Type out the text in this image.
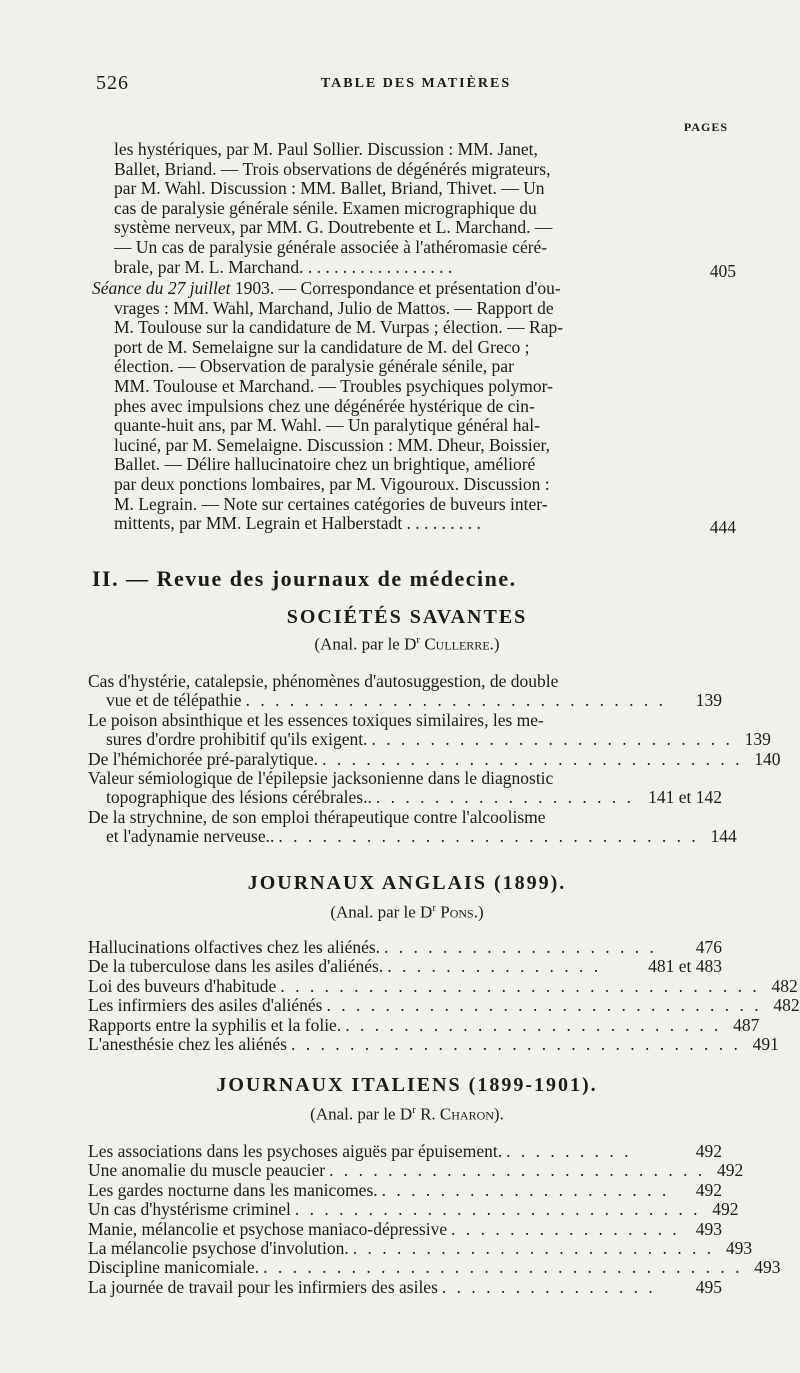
526	TABLE DES MATIÈRES
PAGES
les hystériques, par M. Paul Sollier. Discussion : MM. Janet,
Ballet, Briand. — Trois observations de dégénérés migrateurs,
par M. Wahl. Discussion : MM. Ballet, Briand, Thivet. — Un
cas de paralysie générale sénile. Examen micrographique du
système nerveux, par MM. G. Doutrebente et L. Marchand. —
— Un cas de paralysie générale associée à l'athéromasie céré-
brale, par M. L. Marchand. . . . . . . . . . . . . . . . . .	405
Séance du 27 juillet 1903. — Correspondance et présentation d'ou-
vrages : MM. Wahl, Marchand, Julio de Mattos. — Rapport de
M. Toulouse sur la candidature de M. Vurpas ; élection. — Rap-
port de M. Semelaigne sur la candidature de M. del Greco ;
élection. — Observation de paralysie générale sénile, par
MM. Toulouse et Marchand. — Troubles psychiques polymor-
phes avec impulsions chez une dégénérée hystérique de cin-
quante-huit ans, par M. Wahl. — Un paralytique général hal-
luciné, par M. Semelaigne. Discussion : MM. Dheur, Boissier,
Ballet. — Délire hallucinatoire chez un brightique, amélioré
par deux ponctions lombaires, par M. Vigouroux. Discussion :
M. Legrain. — Note sur certaines catégories de buveurs inter-
mittents, par MM. Legrain et Halberstadt . . . . . . . . .	444
II. — Revue des journaux de médecine.
SOCIÉTÉS SAVANTES
(Anal. par le $D^r$ Cullerre.)
Cas d'hystérie, catalepsie, phénomènes d'autosuggestion, de double
vue et de télépathie . . . . . . . . . . . . . . . . . . . . . . . . . . . . .	139
Le poison absinthique et les essences toxiques similaires, les me-
sures d'ordre prohibitif qu'ils exigent. . . . . . . . . . . . . . . . . . . . . . . . . . 139
De l'hémichorée pré-paralytique. . . . . . . . . . . . . . . . . . . . . . . . . . . . . . 140
Valeur sémiologique de l'épilepsie jacksonienne dans le diagnostic
topographique des lésions cérébrales.. . . . . . . . . . . . . . . . . . . 141 et 142
De la strychnine, de son emploi thérapeutique contre l'alcoolisme
et l'adynamie nerveuse.. . . . . . . . . . . . . . . . . . . . . . . . . . . . . . 144
JOURNAUX ANGLAIS (1899).
(Anal. par le $D^r$ Pons.)
Hallucinations olfactives chez les aliénés. . . . . . . . . . . . . . . . . . . .	476
De la tuberculose dans les asiles d'aliénés. . . . . . . . . . . . . . . .	481 et 483
Loi des buveurs d'habitude . . . . . . . . . . . . . . . . . . . . . . . . . . . . . . . . . 482
Les infirmiers des asiles d'aliénés . . . . . . . . . . . . . . . . . . . . . . . . . . . . . . 482
Rapports entre la syphilis et la folie. . . . . . . . . . . . . . . . . . . . . . . . . . . 487
L'anesthésie chez les aliénés . . . . . . . . . . . . . . . . . . . . . . . . . . . . . . . 491
JOURNAUX ITALIENS (1899-1901).
(Anal. par le $D^r$ R. Charon).
Les associations dans les psychoses aiguës par épuisement. . . . . . . . . .	492
Une anomalie du muscle peaucier . . . . . . . . . . . . . . . . . . . . . . . . . . 492
Les gardes nocturne dans les manicomes. . . . . . . . . . . . . . . . . . . . .	492
Un cas d'hystérisme criminel . . . . . . . . . . . . . . . . . . . . . . . . . . . . 492
Manie, mélancolie et psychose maniaco-dépressive . . . . . . . . . . . . . . . . 493
La mélancolie psychose d'involution. . . . . . . . . . . . . . . . . . . . . . . . . . 493
Discipline manicomiale. . . . . . . . . . . . . . . . . . . . . . . . . . . . . . . . . . 493
La journée de travail pour les infirmiers des asiles . . . . . . . . . . . . . . .	495
